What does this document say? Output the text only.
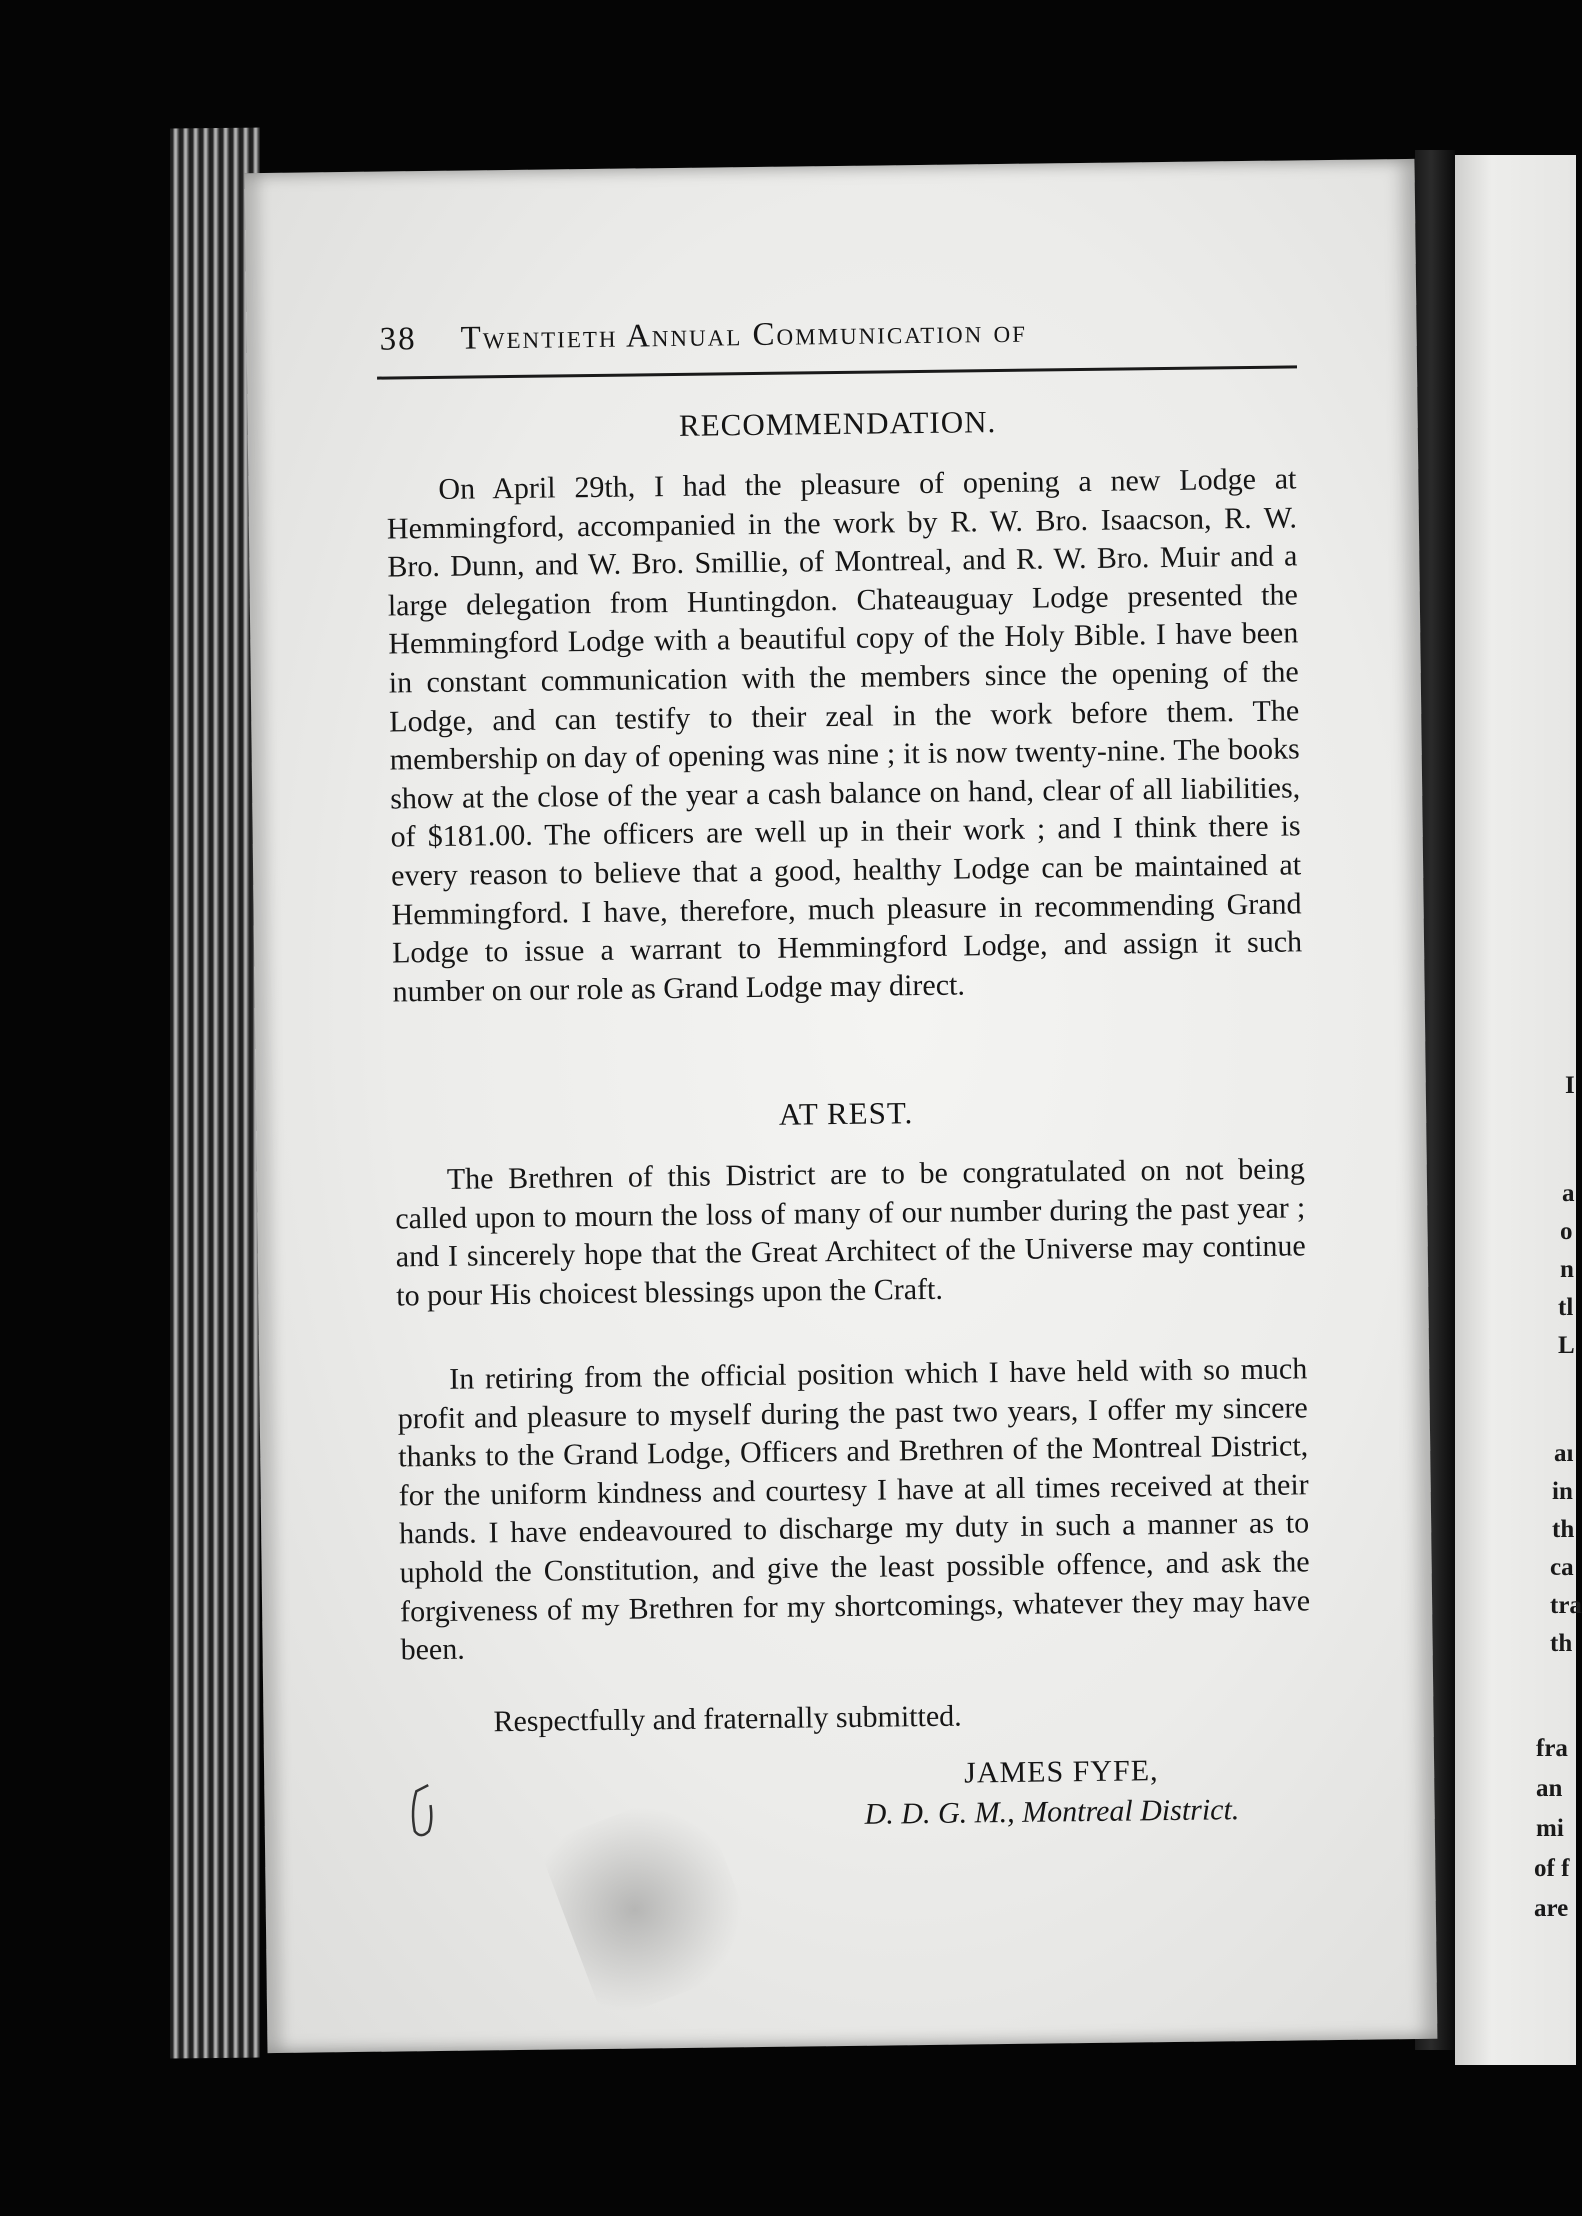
I
a
o
n
tl
L
aı
in
th
ca
tra
th
fra
an
mi
of f
are
38 Twentieth Annual Communication of
RECOMMENDATION.

On April 29th, I had the pleasure of opening a new Lodge at Hemmingford, accompanied in the work by R. W. Bro. Isaacson, R. W. Bro. Dunn, and W. Bro. Smillie, of Montreal, and R. W. Bro. Muir and a large delegation from Huntingdon. Chateauguay Lodge presented the Hemmingford Lodge with a beautiful copy of the Holy Bible. I have been in constant communication with the members since the opening of the Lodge, and can testify to their zeal in the work before them. The membership on day of opening was nine ; it is now twenty-nine. The books show at the close of the year a cash balance on hand, clear of all liabilities, of $181.00. The officers are well up in their work ; and I think there is every reason to believe that a good, healthy Lodge can be maintained at Hemmingford. I have, therefore, much pleasure in recommending Grand Lodge to issue a warrant to Hemmingford Lodge, and assign it such number on our role as Grand Lodge may direct.

AT REST.

The Brethren of this District are to be congratulated on not being called upon to mourn the loss of many of our number during the past year ; and I sincerely hope that the Great Architect of the Universe may continue to pour His choicest blessings upon the Craft.

In retiring from the official position which I have held with so much profit and pleasure to myself during the past two years, I offer my sincere thanks to the Grand Lodge, Officers and Brethren of the Montreal District, for the uniform kindness and courtesy I have at all times received at their hands. I have endeavoured to discharge my duty in such a manner as to uphold the Constitution, and give the least possible offence, and ask the forgiveness of my Brethren for my shortcomings, whatever they may have been.

Respectfully and fraternally submitted.
JAMES FYFE,
D. D. G. M., Montreal District.
